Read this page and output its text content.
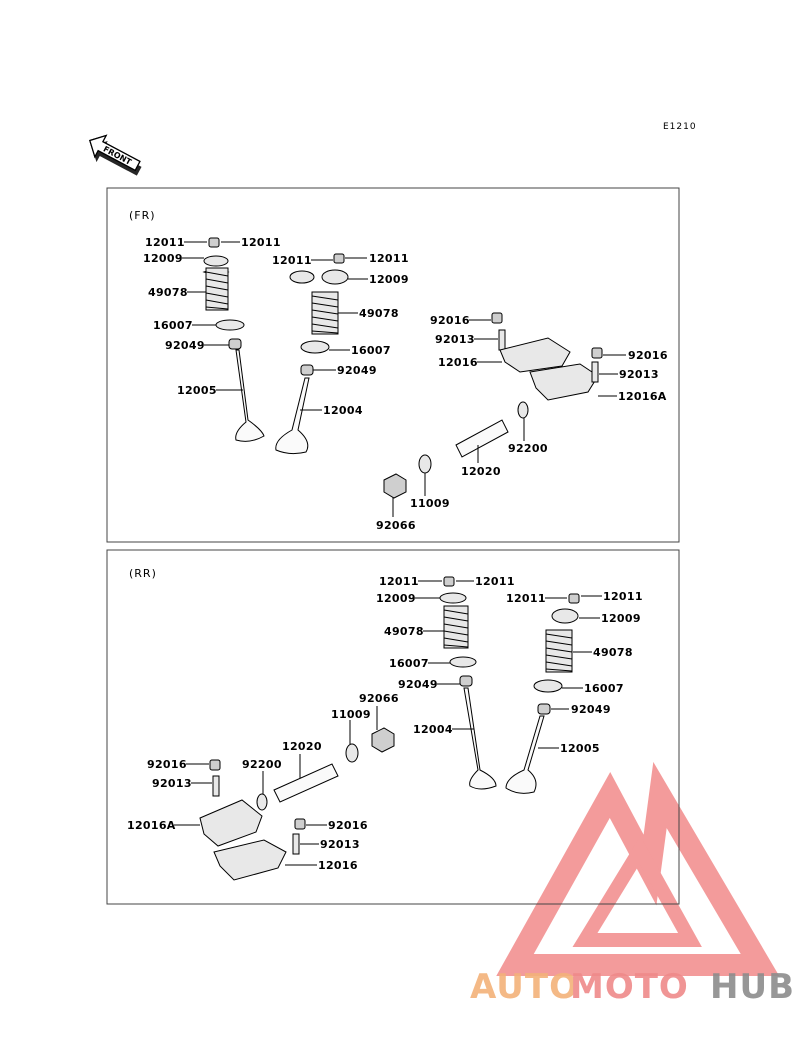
E1210
FRONT
(FR)
12011	12011
12009	12011	12011
49078
12009
16007
49078
92049	16007
12005
92049
12004
92016
92013
12016
92016
92013
12016A
92200
12020
11009
92066
(RR)
12011	12011
12009	12011	12011
49078
12009
16007
49078
92049	16007
92066
92049
11009
12004
12005
12020
92016	92200
92013
12016A	92016
92013
12016
AUTO
MOTO HUB
